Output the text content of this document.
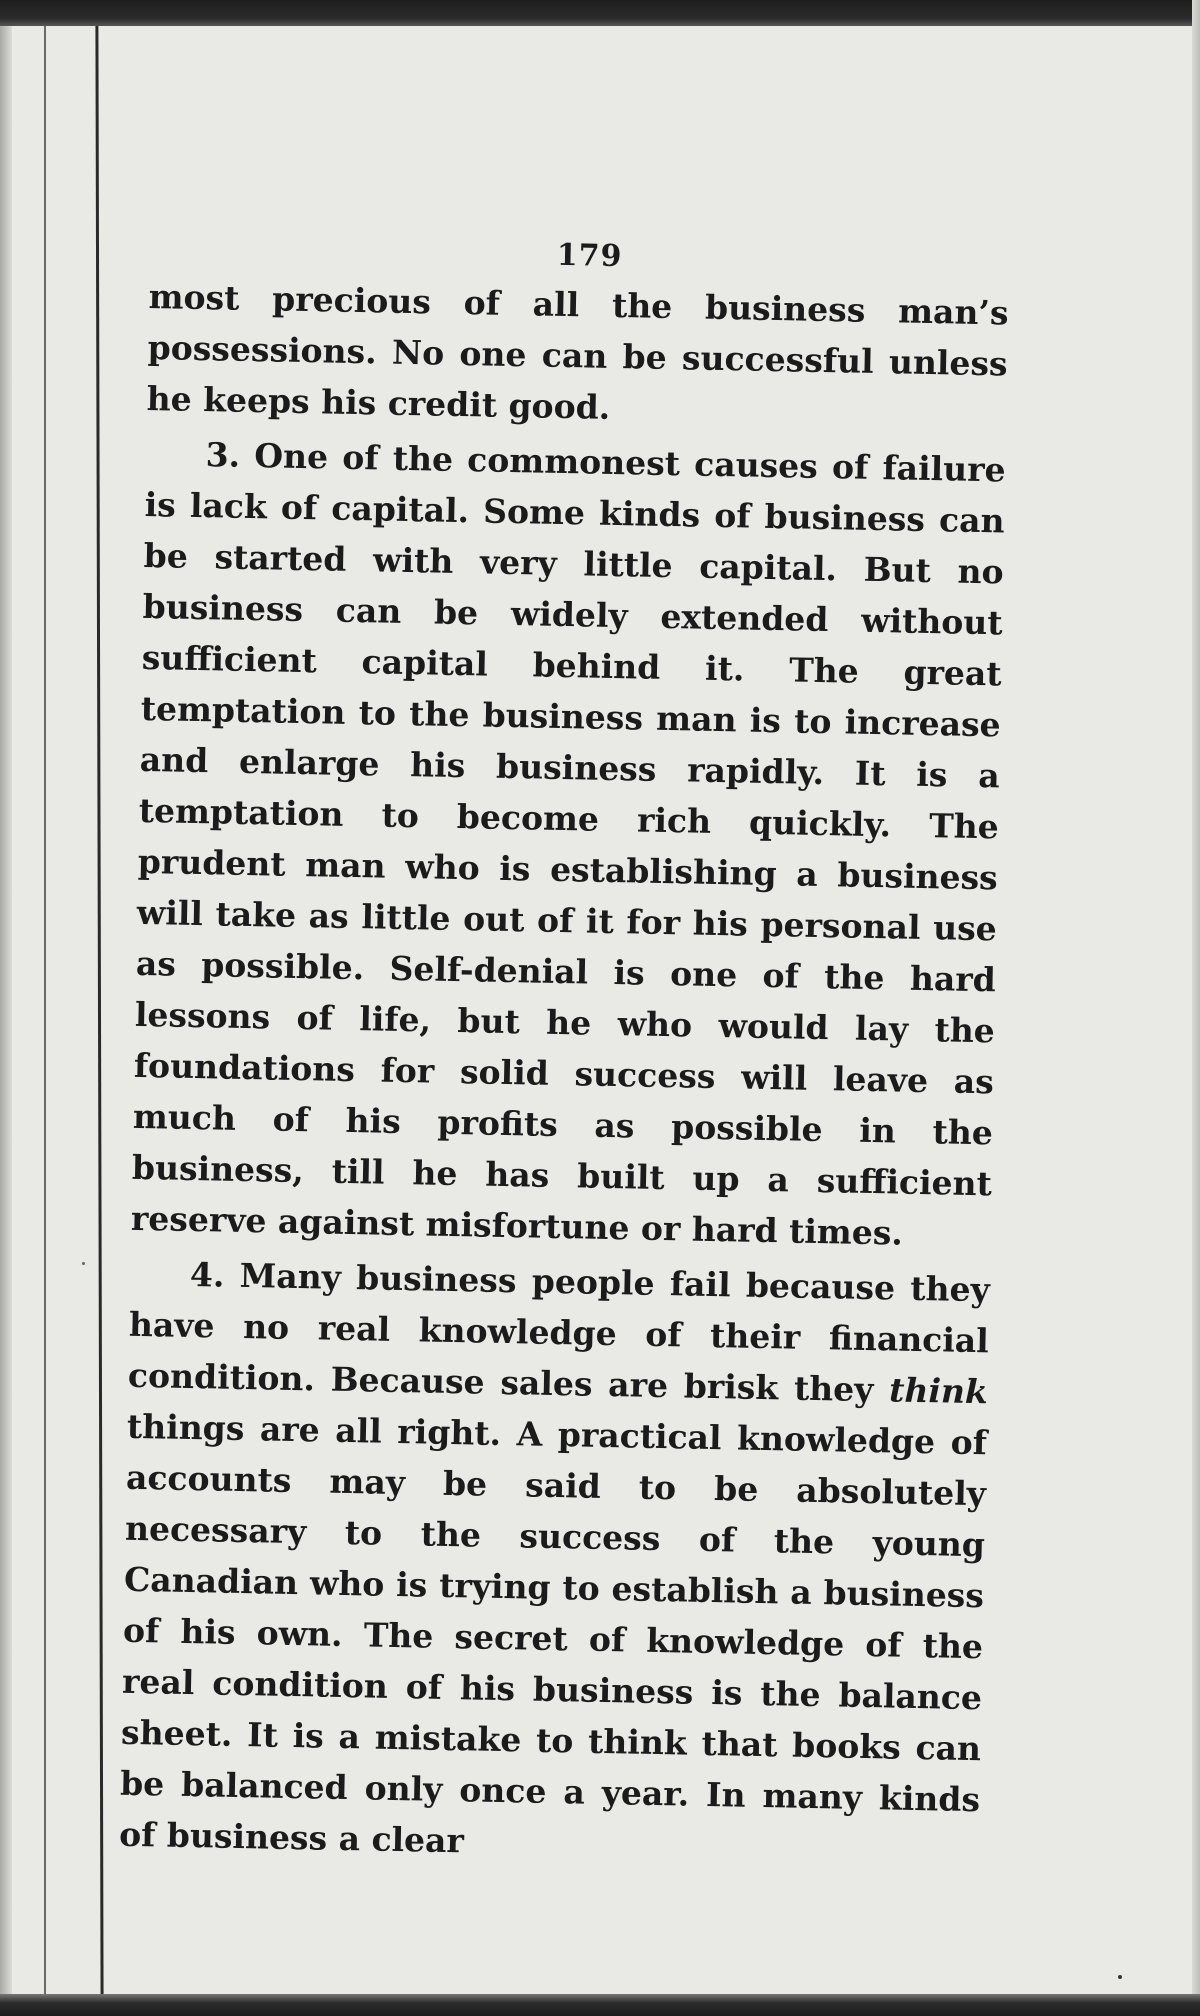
179

most precious of all the business man’s possessions. No one can be successful unless he keeps his credit good.

3. One of the commonest causes of failure is lack of capital. Some kinds of business can be started with very little capital. But no business can be widely extended without sufficient capital behind it. The great temptation to the business man is to increase and enlarge his business rapidly. It is a temptation to become rich quickly. The prudent man who is establishing a business will take as little out of it for his personal use as possible. Self-denial is one of the hard lessons of life, but he who would lay the foundations for solid success will leave as much of his profits as possible in the business, till he has built up a sufficient reserve against misfortune or hard times.

4. Many business people fail because they have no real knowledge of their financial condition. Because sales are brisk they think things are all right. A practical knowledge of accounts may be said to be absolutely necessary to the success of the young Canadian who is trying to establish a business of his own. The secret of knowledge of the real condition of his business is the balance sheet. It is a mistake to think that books can be balanced only once a year. In many kinds of business a clear
